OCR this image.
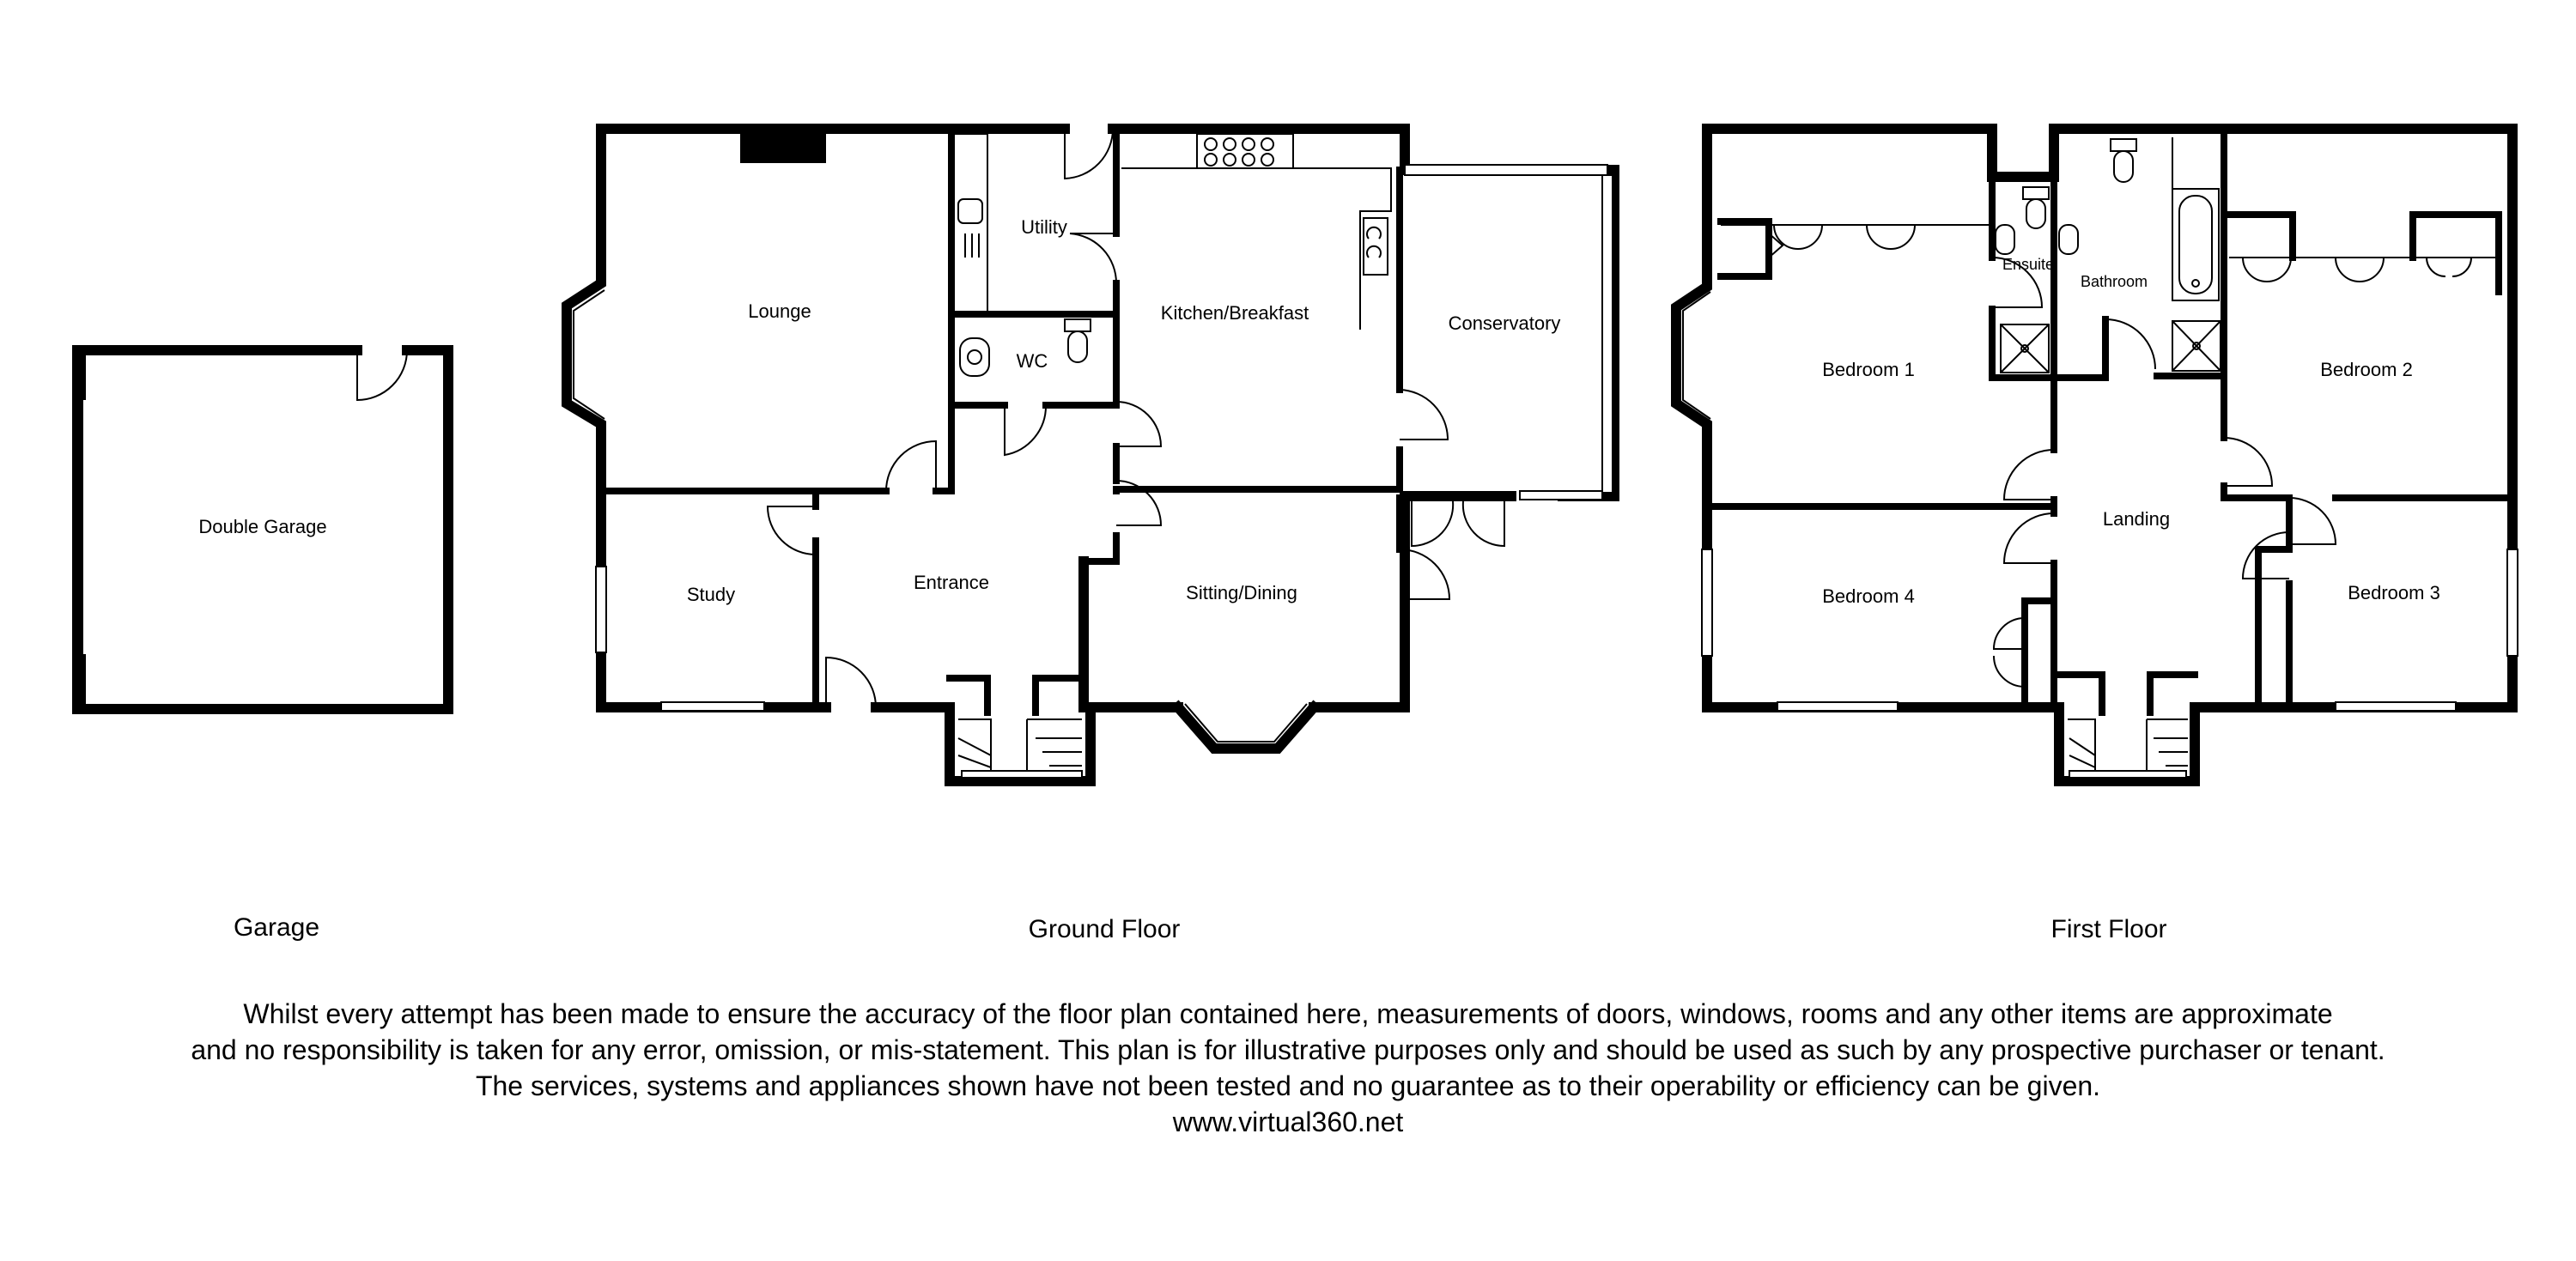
Double Garage
Lounge
Utility
WC
Kitchen/Breakfast	Conservatory
Study
Entrance	Sitting/Dining
Bedroom 1
Ensuite
Bathroom
Bedroom 2
Landing
Bedroom 4	Bedroom 3
Garage	Ground Floor	First Floor
Whilst every attempt has been made to ensure the accuracy of the floor plan contained here, measurements of doors, windows, rooms and any other items are approximate
and no responsibility is taken for any error, omission, or mis-statement. This plan is for illustrative purposes only and should be used as such by any prospective purchaser or tenant.
The services, systems and appliances shown have not been tested and no guarantee as to their operability or efficiency can be given.
www.virtual360.net
